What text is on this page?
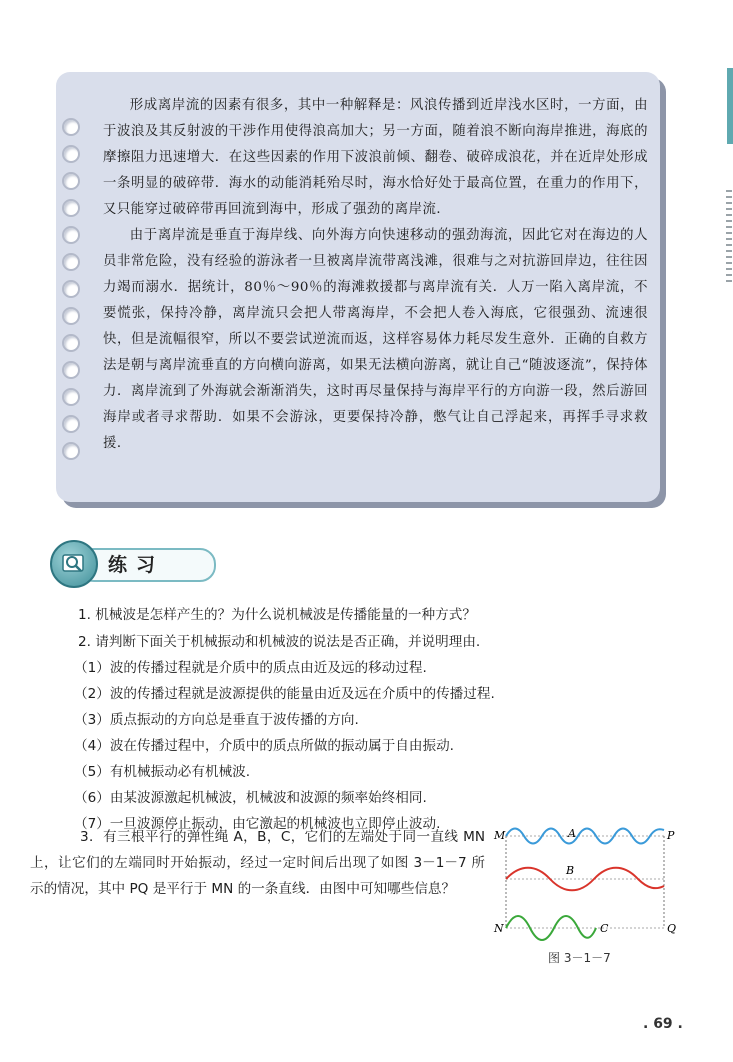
形成离岸流的因素有很多，其中一种解释是：风浪传播到近岸浅水区时，一方面，由于波浪及其反射波的干涉作用使得浪高加大；另一方面，随着浪不断向海岸推进，海底的摩擦阻力迅速增大．在这些因素的作用下波浪前倾、翻卷、破碎成浪花，并在近岸处形成一条明显的破碎带．海水的动能消耗殆尽时，海水恰好处于最高位置，在重力的作用下，又只能穿过破碎带再回流到海中，形成了强劲的离岸流．

由于离岸流是垂直于海岸线、向外海方向快速移动的强劲海流，因此它对在海边的人员非常危险，没有经验的游泳者一旦被离岸流带离浅滩，很难与之对抗游回岸边，往往因力竭而溺水．据统计，80％～90％的海滩救援都与离岸流有关．人万一陷入离岸流，不要慌张，保持冷静，离岸流只会把人带离海岸，不会把人卷入海底，它很强劲、流速很快，但是流幅很窄，所以不要尝试逆流而返，这样容易体力耗尽发生意外．正确的自救方法是朝与离岸流垂直的方向横向游离，如果无法横向游离，就让自己“随波逐流”，保持体力．离岸流到了外海就会渐渐消失，这时再尽量保持与海岸平行的方向游一段，然后游回海岸或者寻求帮助．如果不会游泳，更要保持冷静，憋气让自己浮起来，再挥手寻求救援．

练习
1. 机械波是怎样产生的？为什么说机械波是传播能量的一种方式？
2. 请判断下面关于机械振动和机械波的说法是否正确，并说明理由.
（1）波的传播过程就是介质中的质点由近及远的移动过程.
（2）波的传播过程就是波源提供的能量由近及远在介质中的传播过程.
（3）质点振动的方向总是垂直于波传播的方向.
（4）波在传播过程中，介质中的质点所做的振动属于自由振动.
（5）有机械振动必有机械波.
（6）由某波源激起机械波，机械波和波源的频率始终相同.
（7）一旦波源停止振动，由它激起的机械波也立即停止波动.

3．有三根平行的弹性绳 A，B，C，它们的左端处于同一直线 MN 上，让它们的左端同时开始振动，经过一定时间后出现了如图 3－1－7 所示的情况，其中 PQ 是平行于 MN 的一条直线．由图中可知哪些信息？

M
N
P
Q
A
B
C
图 3－1－7
. 69 .
